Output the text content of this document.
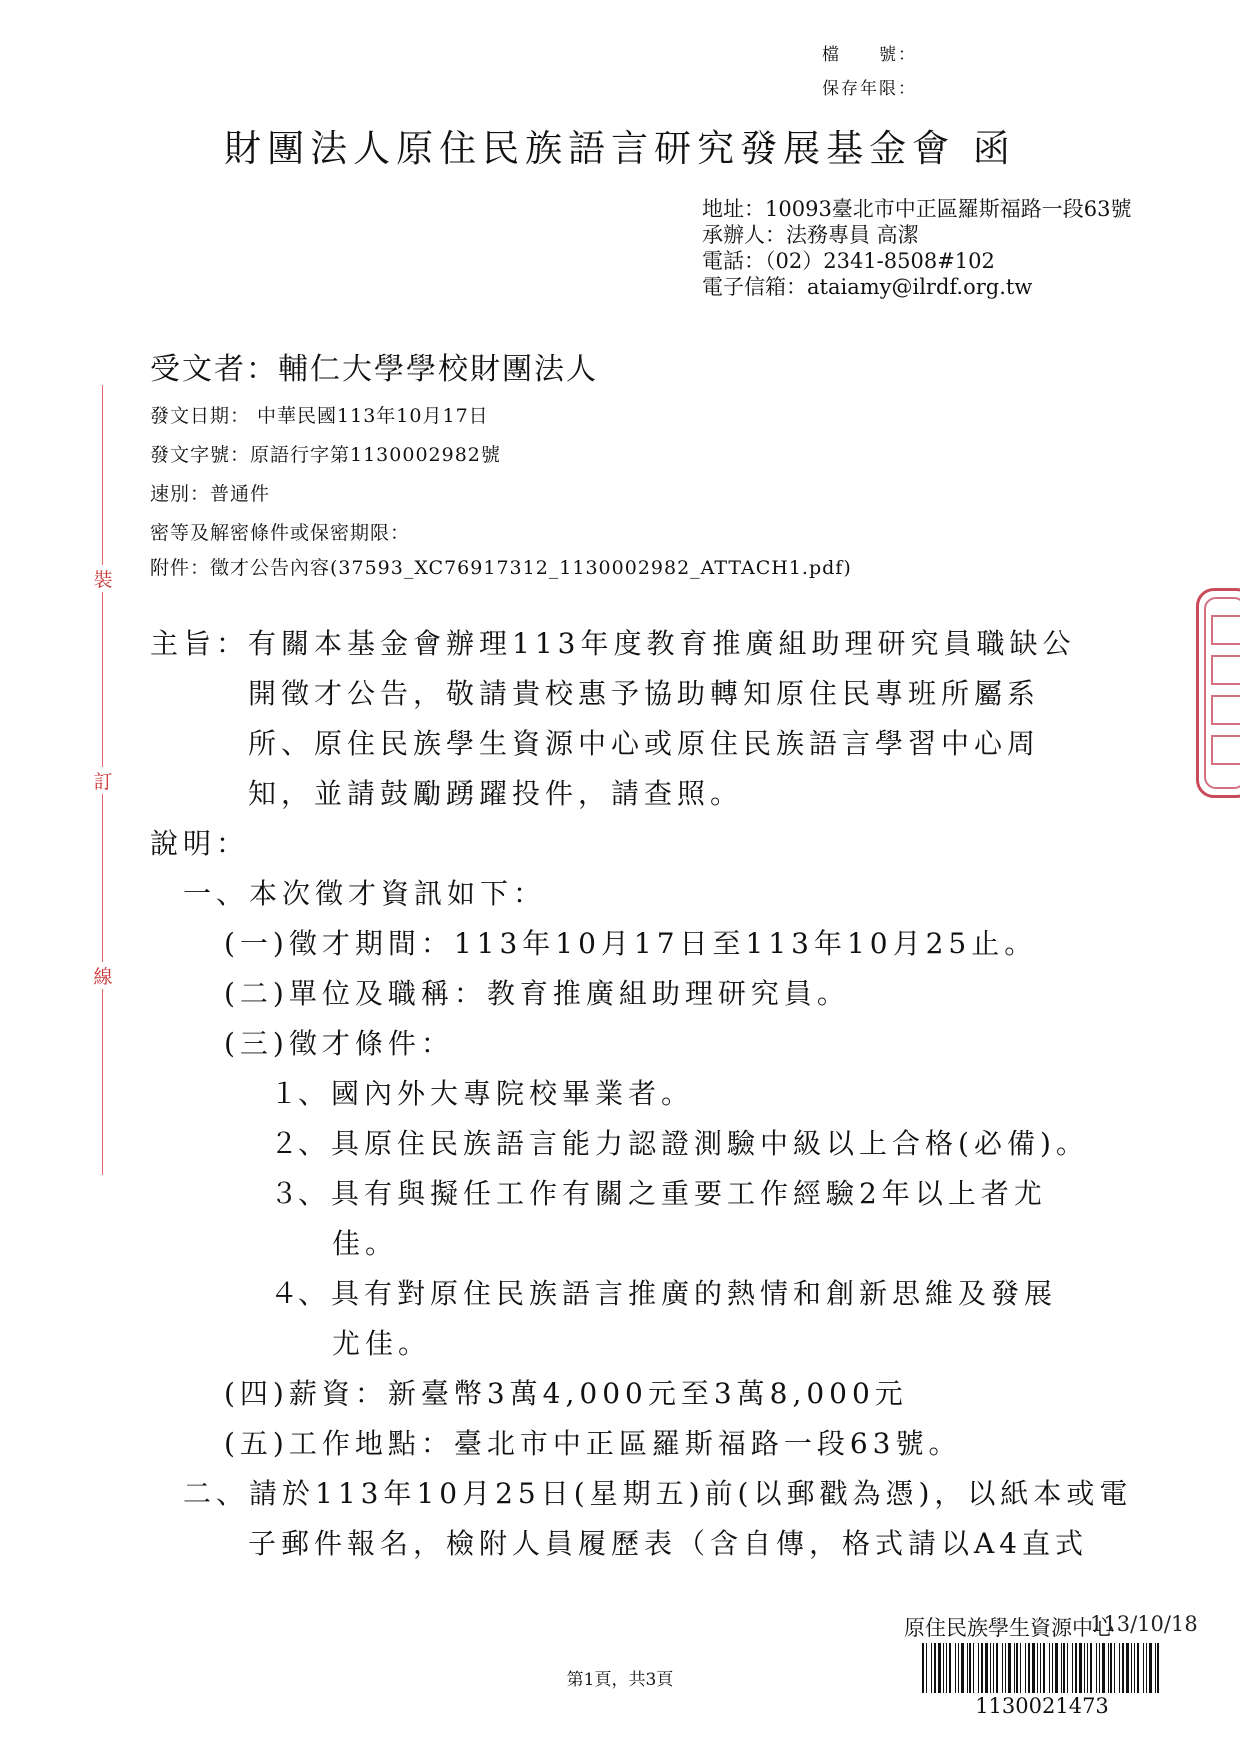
檔　　號：
保存年限：
財團法人原住民族語言研究發展基金會 函
地址：10093臺北市中正區羅斯福路一段63號
承辦人：法務專員 高潔
電話：（02）2341-8508#102
電子信箱：ataiamy@ilrdf.org.tw
受文者：輔仁大學學校財團法人
發文日期： 中華民國113年10月17日
發文字號：原語行字第1130002982號
速別：普通件
密等及解密條件或保密期限：
附件：徵才公告內容(37593_XC76917312_1130002982_ATTACH1.pdf)
裝
訂
線
主旨：
有關本基金會辦理113年度教育推廣組助理研究員職缺公
開徵才公告，敬請貴校惠予協助轉知原住民專班所屬系
所、原住民族學生資源中心或原住民族語言學習中心周
知，並請鼓勵踴躍投件，請查照。
說明：
一、本次徵才資訊如下：
(一)徵才期間：113年10月17日至113年10月25止。
(二)單位及職稱：教育推廣組助理研究員。
(三)徵才條件：
１、國內外大專院校畢業者。
２、具原住民族語言能力認證測驗中級以上合格(必備)。
３、具有與擬任工作有關之重要工作經驗2年以上者尤
佳。
４、具有對原住民族語言推廣的熱情和創新思維及發展
尤佳。
(四)薪資：新臺幣3萬4,000元至3萬8,000元
(五)工作地點：臺北市中正區羅斯福路一段63號。
二、請於113年10月25日(星期五)前(以郵戳為憑)，以紙本或電
子郵件報名，檢附人員履歷表（含自傳，格式請以A4直式
原住民族學生資源中心
113/10/18
1130021473
第1頁，共3頁
